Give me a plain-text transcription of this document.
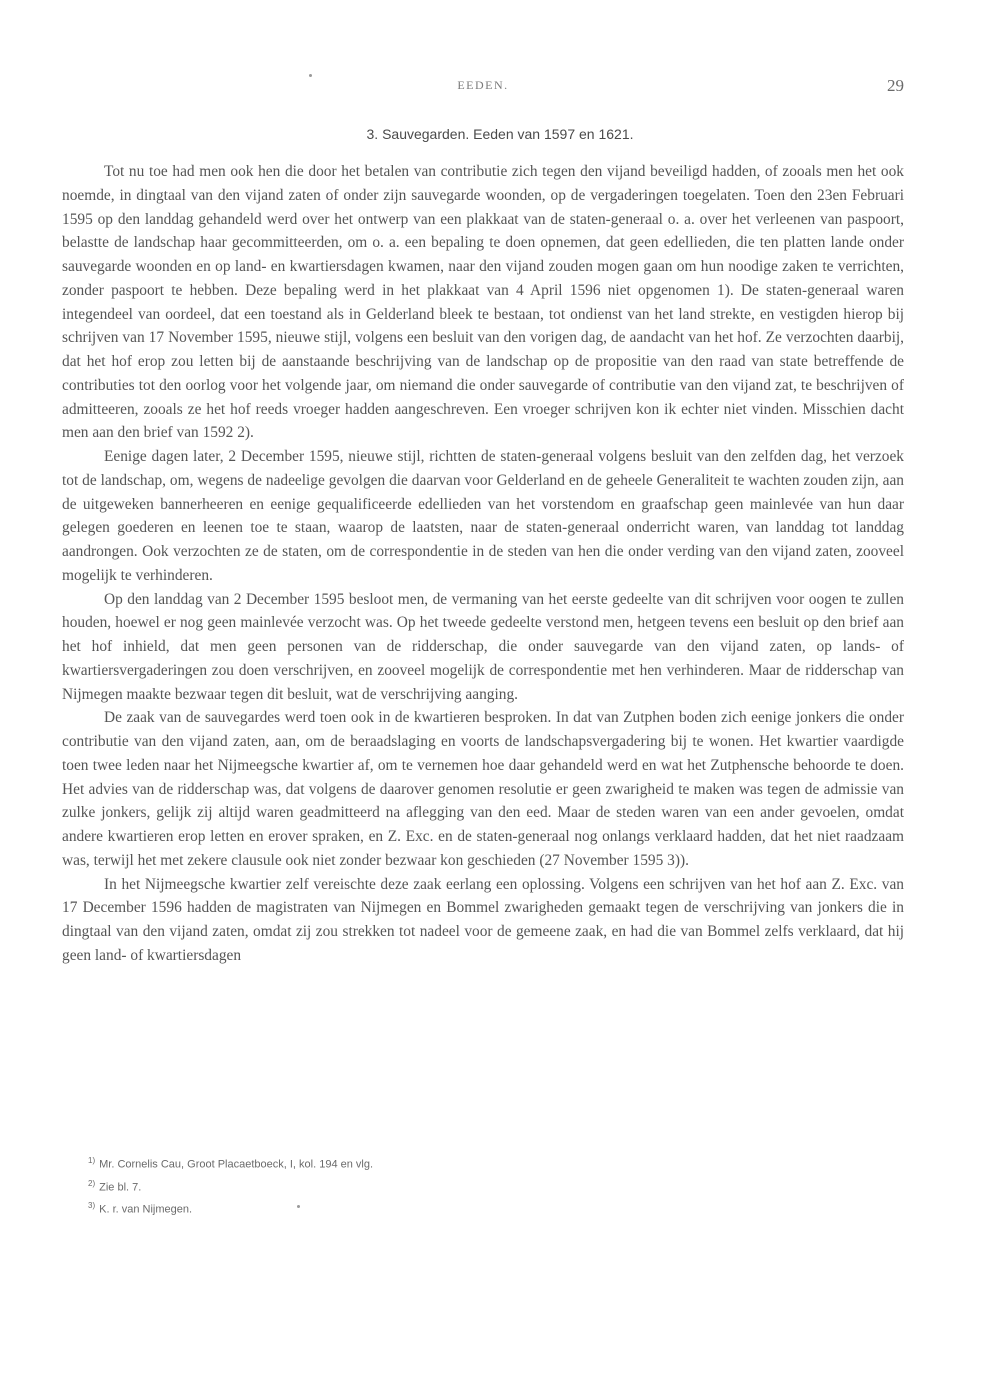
EEDEN.	29
3. Sauvegarden. Eeden van 1597 en 1621.

Tot nu toe had men ook hen die door het betalen van contributie zich tegen den vijand beveiligd hadden, of zooals men het ook noemde, in dingtaal van den vijand zaten of onder zijn sauvegarde woonden, op de vergaderingen toegelaten. Toen den 23en Februari 1595 op den landdag gehandeld werd over het ontwerp van een plakkaat van de staten-generaal o. a. over het verleenen van paspoort, belastte de landschap haar gecommitteerden, om o. a. een bepaling te doen opnemen, dat geen edellieden, die ten platten lande onder sauvegarde woonden en op land- en kwartiersdagen kwamen, naar den vijand zouden mogen gaan om hun noodige zaken te verrichten, zonder paspoort te hebben. Deze bepaling werd in het plakkaat van 4 April 1596 niet opgenomen 1). De staten-generaal waren integendeel van oordeel, dat een toestand als in Gelderland bleek te bestaan, tot ondienst van het land strekte, en vestigden hierop bij schrijven van 17 November 1595, nieuwe stijl, volgens een besluit van den vorigen dag, de aandacht van het hof. Ze verzochten daarbij, dat het hof erop zou letten bij de aanstaande beschrijving van de landschap op de propositie van den raad van state betreffende de contributies tot den oorlog voor het volgende jaar, om niemand die onder sauvegarde of contributie van den vijand zat, te beschrijven of admitteeren, zooals ze het hof reeds vroeger hadden aangeschreven. Een vroeger schrijven kon ik echter niet vinden. Misschien dacht men aan den brief van 1592 2).

Eenige dagen later, 2 December 1595, nieuwe stijl, richtten de staten-generaal volgens besluit van den zelfden dag, het verzoek tot de landschap, om, wegens de nadeelige gevolgen die daarvan voor Gelderland en de geheele Generaliteit te wachten zouden zijn, aan de uitgeweken bannerheeren en eenige gequalificeerde edellieden van het vorstendom en graafschap geen mainlevée van hun daar gelegen goederen en leenen toe te staan, waarop de laatsten, naar de staten-generaal onderricht waren, van landdag tot landdag aandrongen. Ook verzochten ze de staten, om de correspondentie in de steden van hen die onder verding van den vijand zaten, zooveel mogelijk te verhinderen.

Op den landdag van 2 December 1595 besloot men, de vermaning van het eerste gedeelte van dit schrijven voor oogen te zullen houden, hoewel er nog geen mainlevée verzocht was. Op het tweede gedeelte verstond men, hetgeen tevens een besluit op den brief aan het hof inhield, dat men geen personen van de ridderschap, die onder sauvegarde van den vijand zaten, op lands- of kwartiersvergaderingen zou doen verschrijven, en zooveel mogelijk de correspondentie met hen verhinderen. Maar de ridderschap van Nijmegen maakte bezwaar tegen dit besluit, wat de verschrijving aanging.

De zaak van de sauvegardes werd toen ook in de kwartieren besproken. In dat van Zutphen boden zich eenige jonkers die onder contributie van den vijand zaten, aan, om de beraadslaging en voorts de landschapsvergadering bij te wonen. Het kwartier vaardigde toen twee leden naar het Nijmeegsche kwartier af, om te vernemen hoe daar gehandeld werd en wat het Zutphensche behoorde te doen. Het advies van de ridderschap was, dat volgens de daarover genomen resolutie er geen zwarigheid te maken was tegen de admissie van zulke jonkers, gelijk zij altijd waren geadmitteerd na aflegging van den eed. Maar de steden waren van een ander gevoelen, omdat andere kwartieren erop letten en erover spraken, en Z. Exc. en de staten-generaal nog onlangs verklaard hadden, dat het niet raadzaam was, terwijl het met zekere clausule ook niet zonder bezwaar kon geschieden (27 November 1595 3)).

In het Nijmeegsche kwartier zelf vereischte deze zaak eerlang een oplossing. Volgens een schrijven van het hof aan Z. Exc. van 17 December 1596 hadden de magistraten van Nijmegen en Bommel zwarigheden gemaakt tegen de verschrijving van jonkers die in dingtaal van den vijand zaten, omdat zij zou strekken tot nadeel voor de gemeene zaak, en had die van Bommel zelfs verklaard, dat hij geen land- of kwartiersdagen

$^{1)}$ Mr. Cornelis Cau, Groot Placaetboeck, I, kol. 194 en vlg.

$^{2)}$ Zie bl. 7.

$^{3)}$ K. r. van Nijmegen.
